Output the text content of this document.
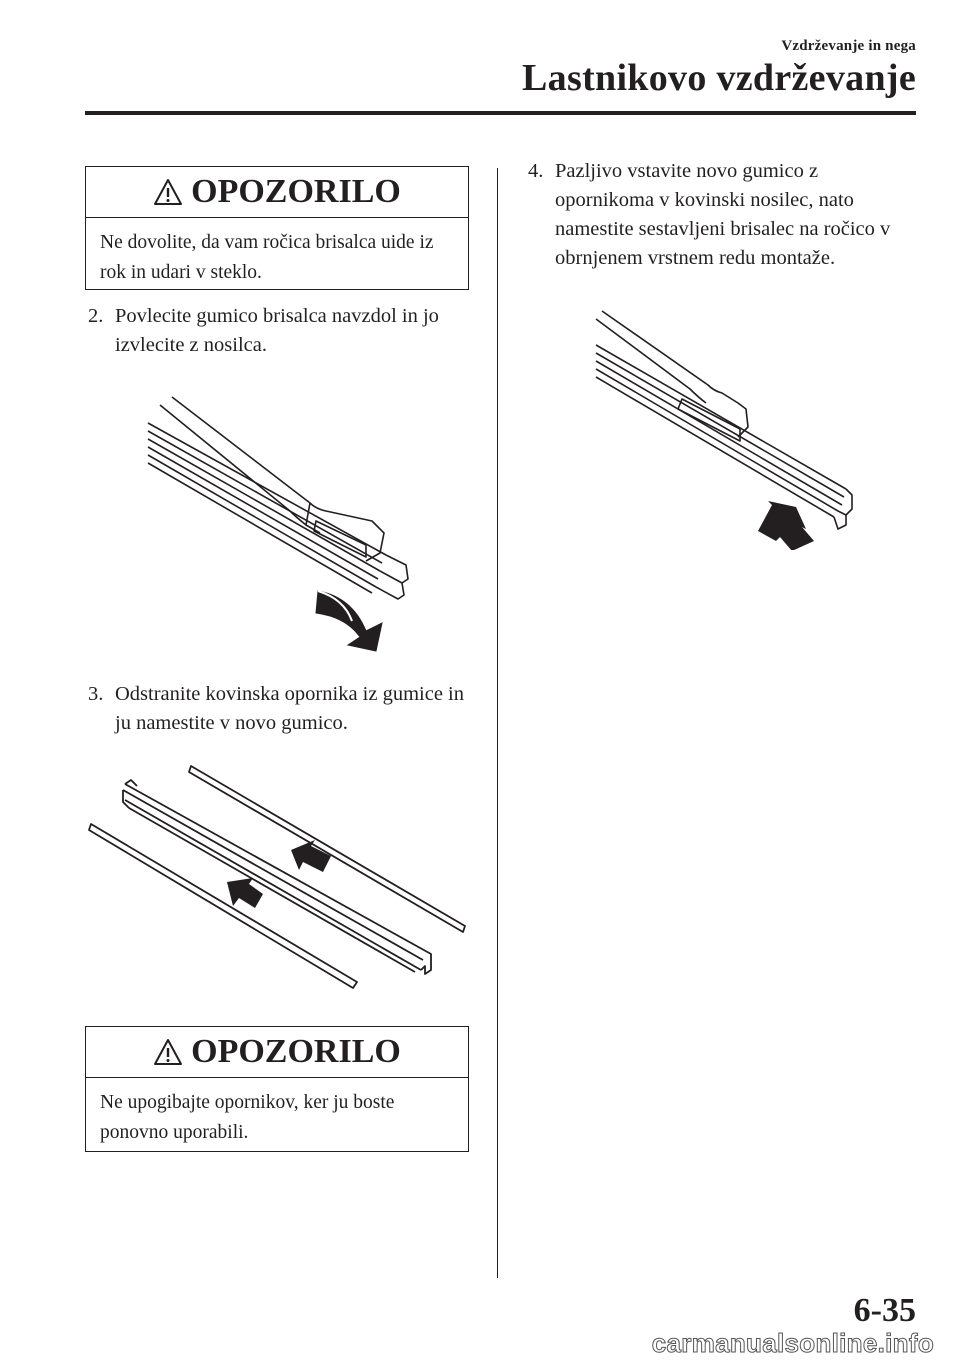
Vzdrževanje in nega
Lastnikovo vzdrževanje
OPOZORILO
Ne dovolite, da vam ročica brisalca uide iz rok in udari v steklo.
2. Povlecite gumico brisalca navzdol in jo izvlecite z nosilca.
3. Odstranite kovinska opornika iz gumice in ju namestite v novo gumico.
OPOZORILO
Ne upogibajte opornikov, ker ju boste ponovno uporabili.
4. Pazljivo vstavite novo gumico z opornikoma v kovinski nosilec, nato namestite sestavljeni brisalec na ročico v obrnjenem vrstnem redu montaže.
6-35
carmanualsonline.info
